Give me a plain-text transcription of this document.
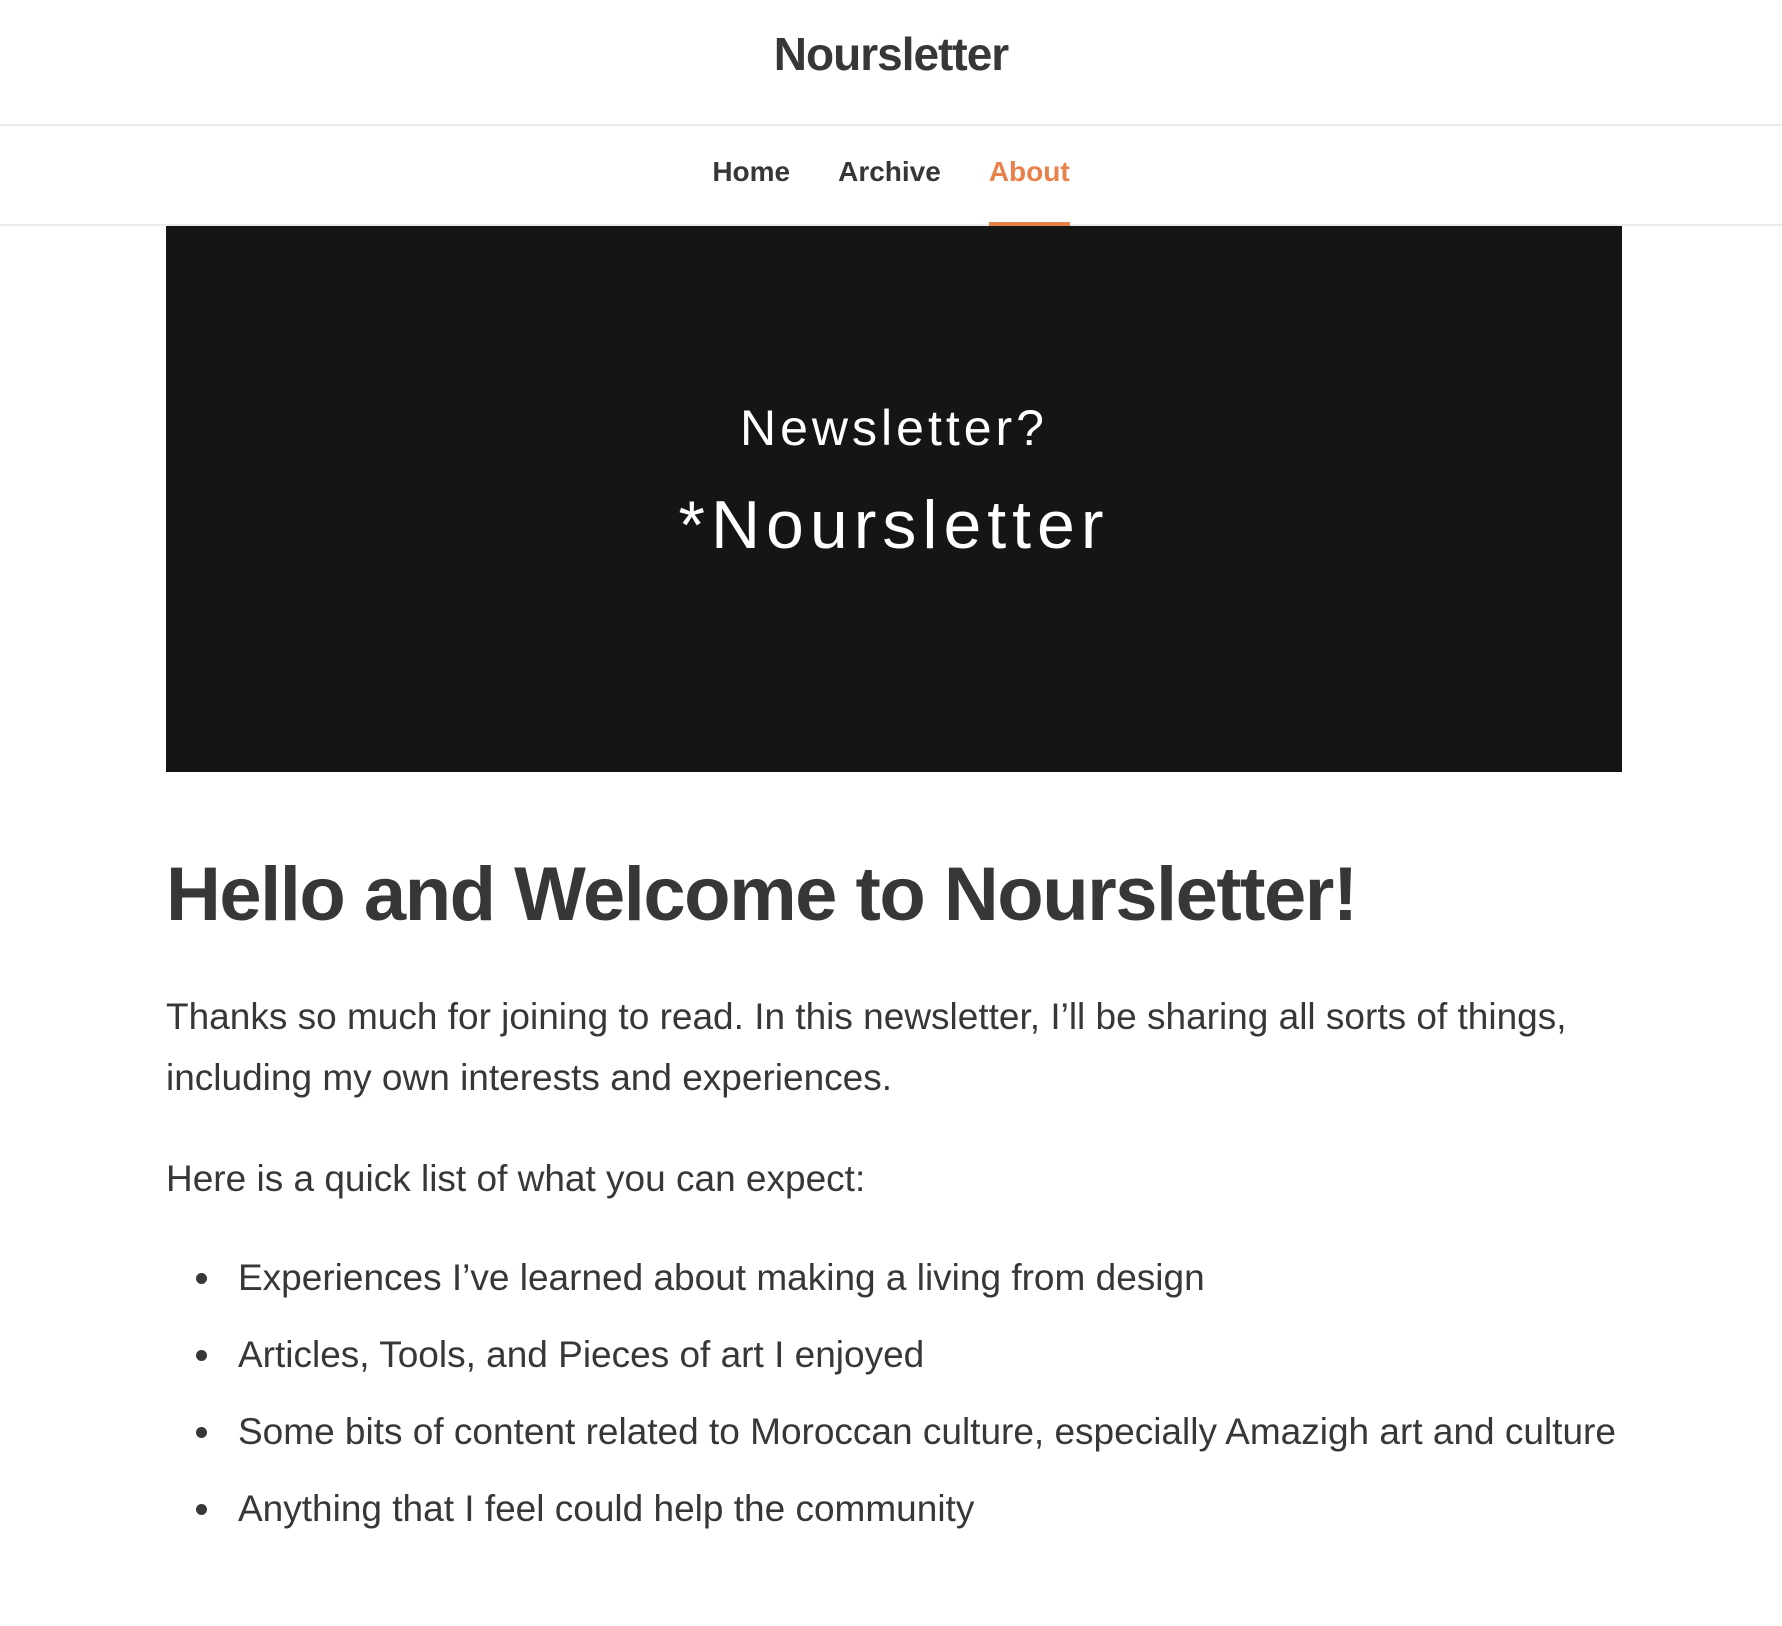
Noursletter
Home Archive About
Newsletter?
*Noursletter
Hello and Welcome to Noursletter!

Thanks so much for joining to read. In this newsletter, I’ll be sharing all sorts of things, including my own interests and experiences.

Here is a quick list of what you can expect:

Experiences I’ve learned about making a living from design
Articles, Tools, and Pieces of art I enjoyed
Some bits of content related to Moroccan culture, especially Amazigh art and culture
Anything that I feel could help the community
